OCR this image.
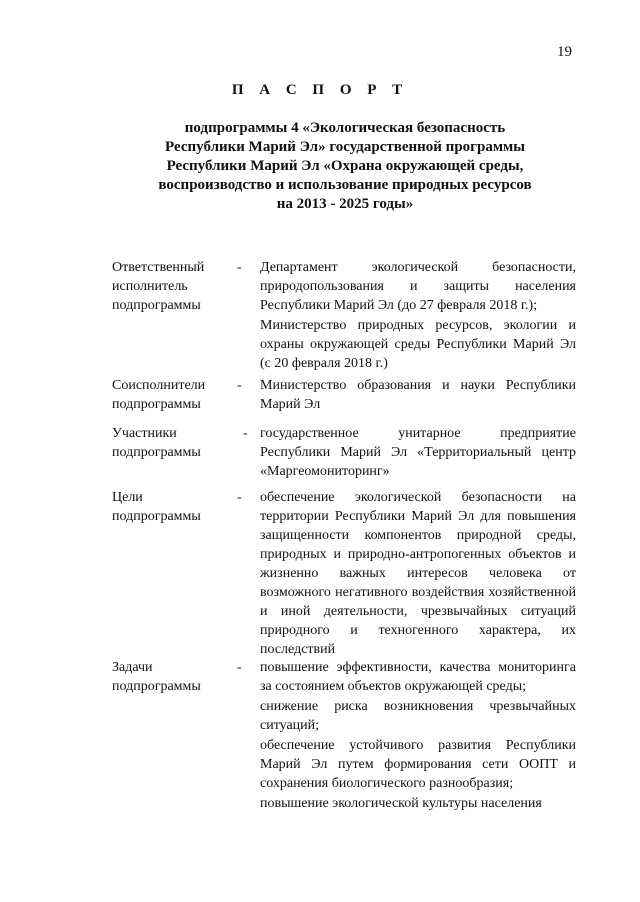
19
П А С П О Р Т
подпрограммы 4 «Экологическая безопасность
Республики Марий Эл» государственной программы
Республики Марий Эл «Охрана окружающей среды,
воспроизводство и использование природных ресурсов
на 2013 - 2025 годы»
Ответственный исполнитель подпрограммы
-	Департамент экологической безопасности, природопользования и защиты населения Республики Марий Эл (до 27 февраля 2018 г.);

Министерство природных ресурсов, экологии и охраны окружающей среды Республики Марий Эл (с 20 февраля 2018 г.)

Соисполнители подпрограммы
-	Министерство образования и науки Республики Марий Эл

Участники подпрограммы
- государственное унитарное предприятие Республики Марий Эл «Территориальный центр «Маргеомониторинг»

Цели подпрограммы
-	обеспечение экологической безопасности на территории Республики Марий Эл для повышения защищенности компонентов природной среды, природных и природно-антропогенных объектов и жизненно важных интересов человека от возможного негативного воздействия хозяйственной и иной деятельности, чрезвычайных ситуаций природного и техногенного характера, их последствий

Задачи подпрограммы
-	повышение эффективности, качества мониторинга за состоянием объектов окружающей среды;

снижение риска возникновения чрезвычайных ситуаций;

обеспечение устойчивого развития Республики Марий Эл путем формирования сети ООПТ и сохранения биологического разнообразия;

повышение экологической культуры населения
